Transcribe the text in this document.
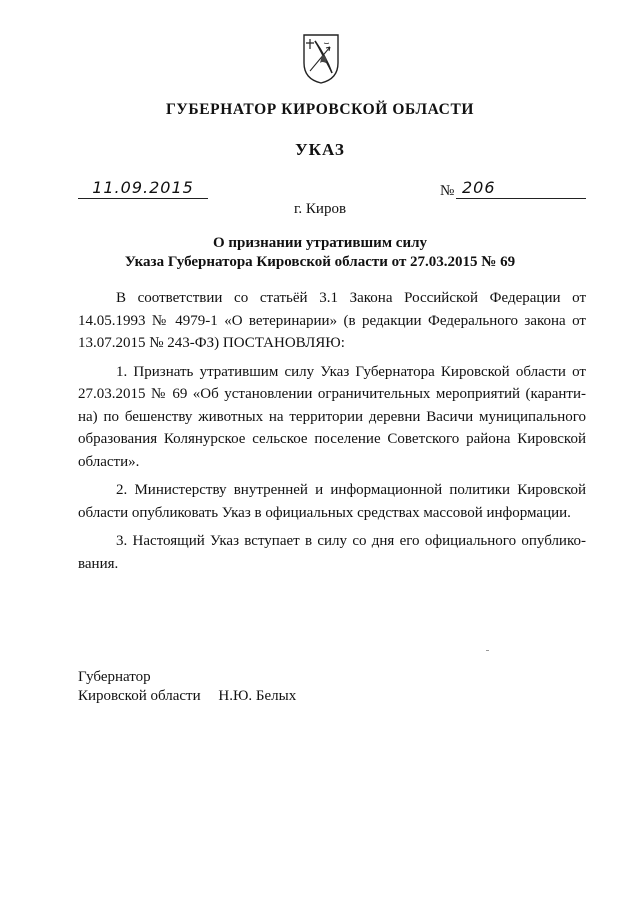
ГУБЕРНАТОР КИРОВСКОЙ ОБЛАСТИ
УКАЗ
11.09.2015	№ 206
г. Киров
О признании утратившим силу
Указа Губернатора Кировской области от 27.03.2015 № 69

В соответствии со статьёй 3.1 Закона Российской Федерации от 14.05.1993 № 4979-1 «О ветеринарии» (в редакции Федерального закона от 13.07.2015 № 243-ФЗ) ПОСТАНОВЛЯЮ:

1. Признать утратившим силу Указ Губернатора Кировской области от 27.03.2015 № 69 «Об установлении ограничительных мероприятий (карантина) по бешенству животных на территории деревни Васичи муниципального образования Колянурское сельское поселение Советского района Кировской области».

2. Министерству внутренней и информационной политики Кировской области опубликовать Указ в официальных средствах массовой информации.

3. Настоящий Указ вступает в силу со дня его официального опубликования.

Губернатор
Кировской области Н.Ю. Белых
